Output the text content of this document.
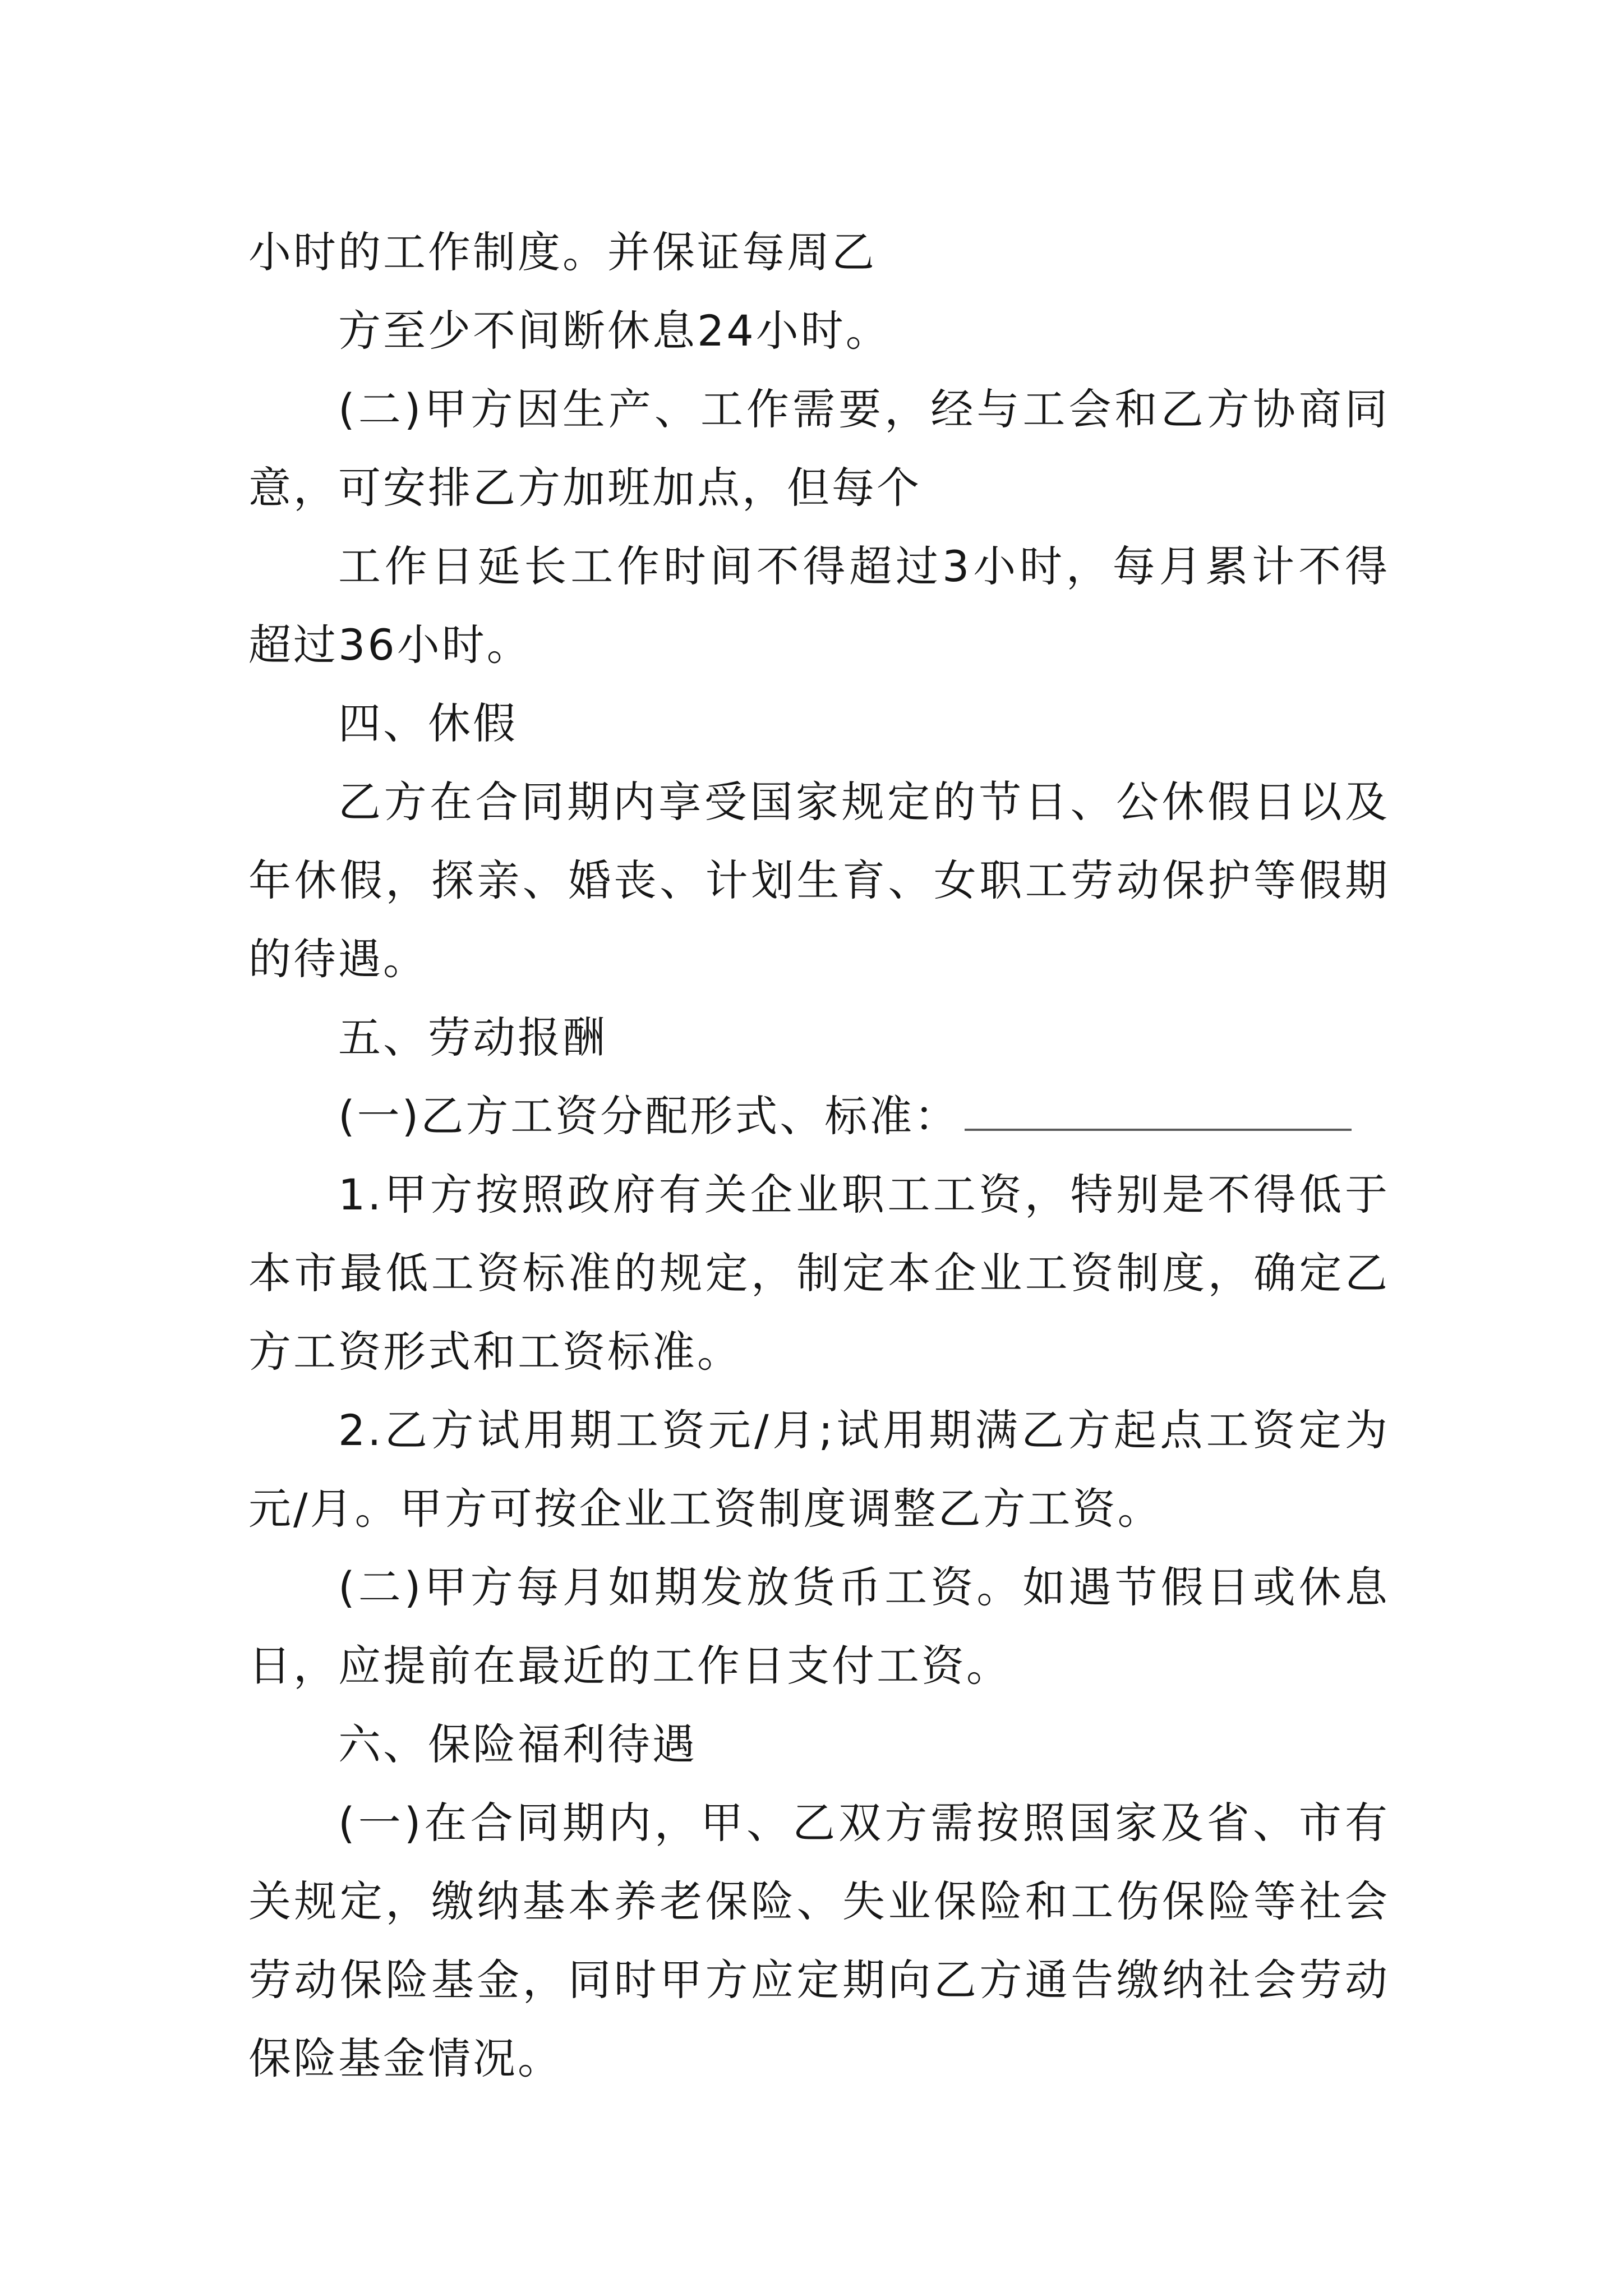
小时的工作制度。并保证每周乙

方至少不间断休息24小时。

(二)甲方因生产、工作需要，经与工会和乙方协商同意，可安排乙方加班加点，但每个

工作日延长工作时间不得超过3小时，每月累计不得超过36小时。

四、休假

乙方在合同期内享受国家规定的节日、公休假日以及年休假，探亲、婚丧、计划生育、女职工劳动保护等假期的待遇。

五、劳动报酬

(一)乙方工资分配形式、标准：

1.甲方按照政府有关企业职工工资，特别是不得低于本市最低工资标准的规定，制定本企业工资制度，确定乙方工资形式和工资标准。

2.乙方试用期工资元/月;试用期满乙方起点工资定为元/月。甲方可按企业工资制度调整乙方工资。

(二)甲方每月如期发放货币工资。如遇节假日或休息日，应提前在最近的工作日支付工资。

六、保险福利待遇

(一)在合同期内，甲、乙双方需按照国家及省、市有关规定，缴纳基本养老保险、失业保险和工伤保险等社会劳动保险基金，同时甲方应定期向乙方通告缴纳社会劳动保险基金情况。
